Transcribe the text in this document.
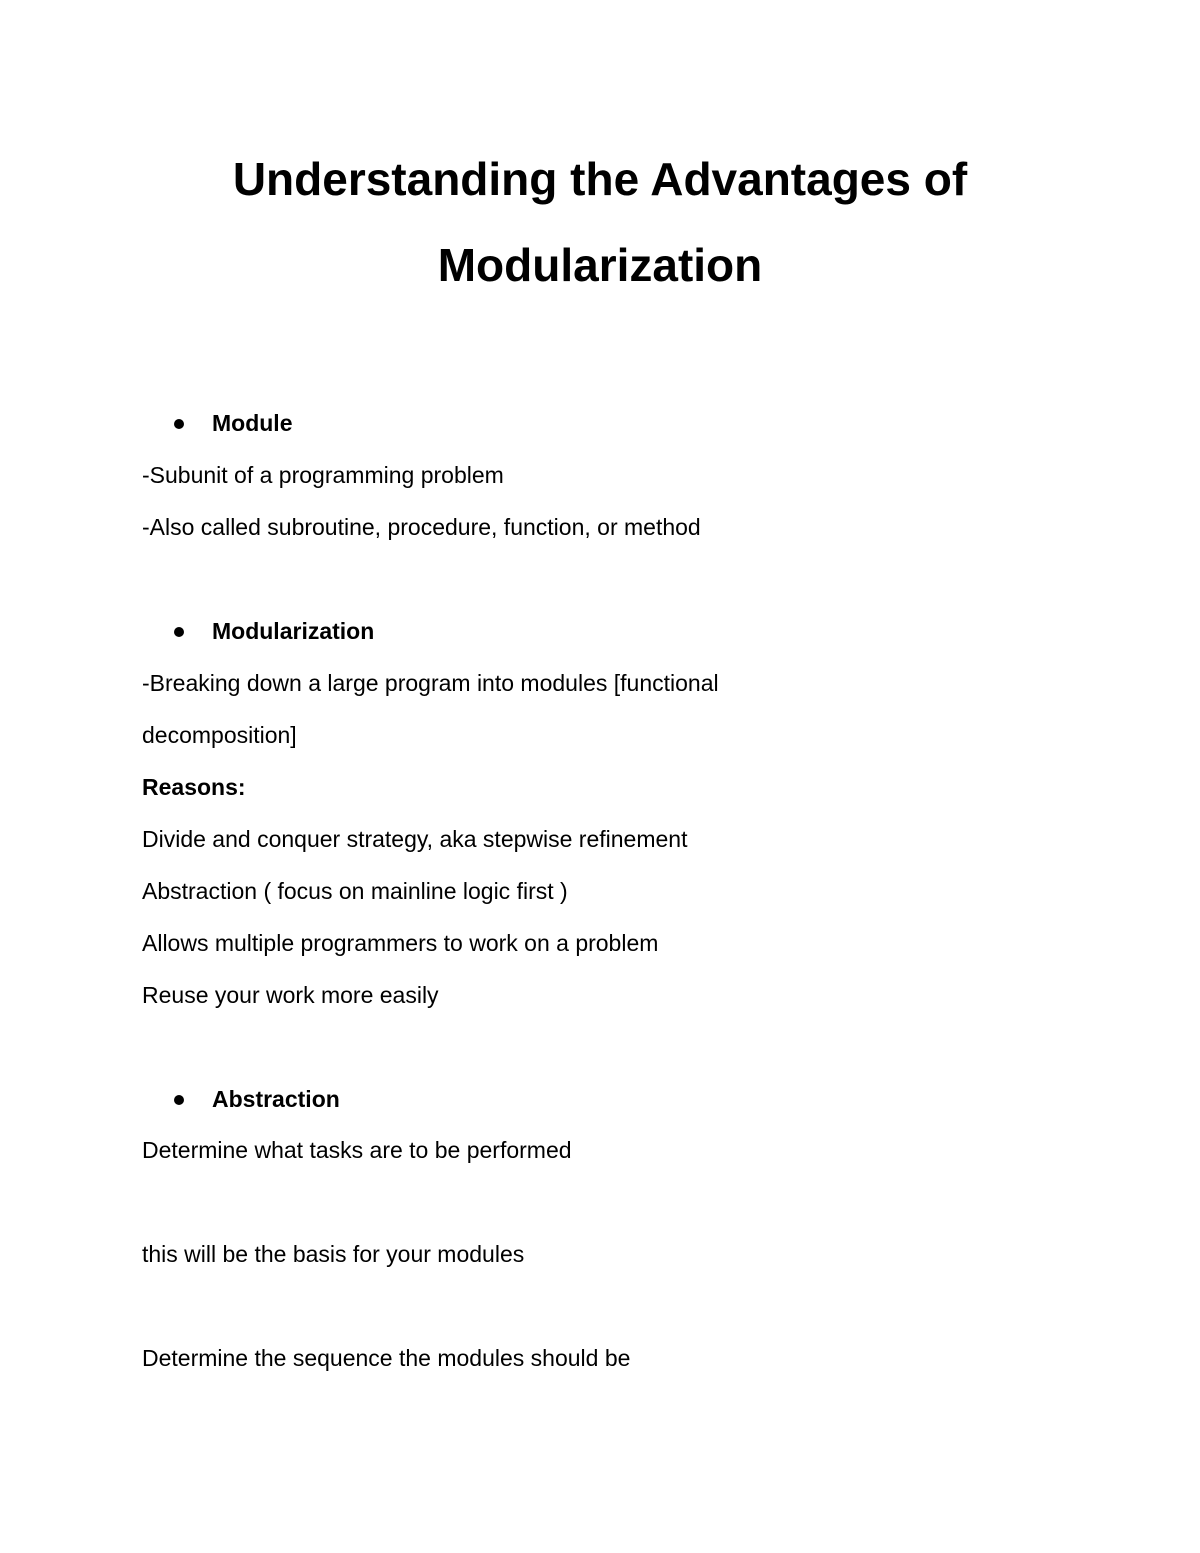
Understanding the Advantages of
Modularization
Module
-Subunit of a programming problem
-Also called subroutine, procedure, function, or method
Modularization
-Breaking down a large program into modules [functional
decomposition]
Reasons:
Divide and conquer strategy, aka stepwise refinement
Abstraction ( focus on mainline logic first )
Allows multiple programmers to work on a problem
Reuse your work more easily
Abstraction
Determine what tasks are to be performed
this will be the basis for your modules
Determine the sequence the modules should be
